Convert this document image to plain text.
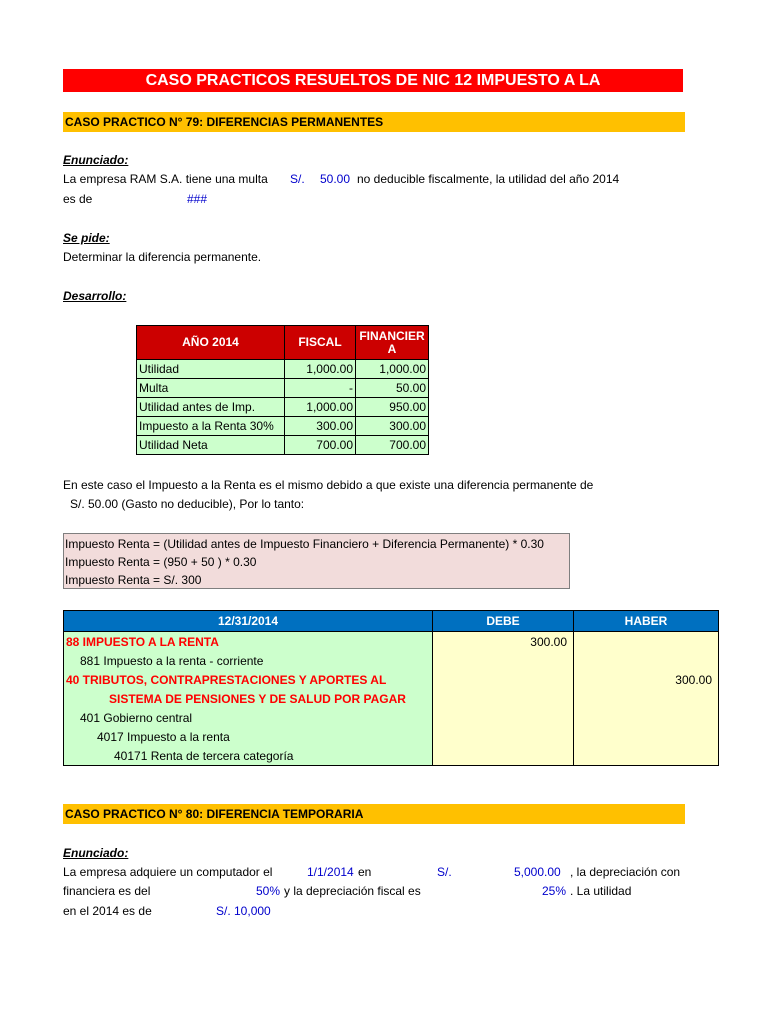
CASO PRACTICOS RESUELTOS DE NIC 12 IMPUESTO A LA
CASO PRACTICO N° 79: DIFERENCIAS PERMANENTES
Enunciado:
La empresa RAM S.A. tiene una multa S/. 50.00 no deducible fiscalmente, la utilidad del año 2014
es de	###
Se pide:
Determinar la diferencia permanente.
Desarrollo:
AÑO 2014	FISCAL	FINANCIERA
Utilidad	1,000.00	1,000.00
Multa	-	50.00
Utilidad antes de Imp.	1,000.00	950.00
Impuesto a la Renta 30%	300.00	300.00
Utilidad Neta	700.00	700.00
En este caso el Impuesto a la Renta es el mismo debido a que existe una diferencia permanente de
S/. 50.00 (Gasto no deducible), Por lo tanto:
Impuesto Renta = (Utilidad antes de Impuesto Financiero + Diferencia Permanente) * 0.30
Impuesto Renta = (950 + 50 ) * 0.30
Impuesto Renta = S/. 300
12/31/2014	DEBE	HABER
88 IMPUESTO A LA RENTA	300.00	
881 Impuesto a la renta - corriente		
40 TRIBUTOS, CONTRAPRESTACIONES Y APORTES AL		300.00
SISTEMA DE PENSIONES Y DE SALUD POR PAGAR		
401 Gobierno central		
4017 Impuesto a la renta		
40171 Renta de tercera categoría		
CASO PRACTICO N° 80: DIFERENCIA TEMPORARIA
Enunciado:
La empresa adquiere un computador el	1/1/2014 en	S/.	5,000.00 , la depreciación con
financiera es del	50% y la depreciación fiscal es	25% . La utilidad
en el 2014 es de	S/. 10,000
